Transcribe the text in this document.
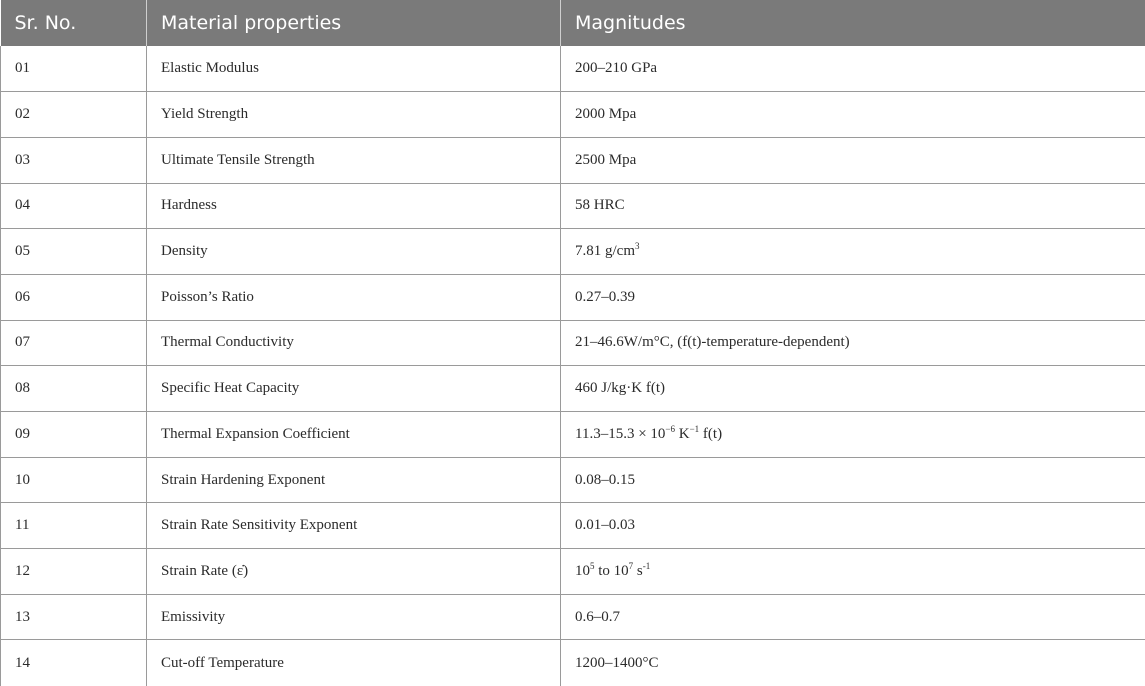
Sr. No.	Material properties	Magnitudes
01	Elastic Modulus	200–210 GPa
02	Yield Strength	2000 Mpa
03	Ultimate Tensile Strength	2500 Mpa
04	Hardness	58 HRC
05	Density	7.81 $g/cm^3$
06	Poisson’s Ratio	0.27–0.39
07	Thermal Conductivity	21–46.6W/m°C, (f(t)-temperature-dependent)
08	Specific Heat Capacity	460 J/kg·K f(t)
09	Thermal Expansion Coefficient	$11.3-15.3 \times 10^{-6}$ $K^{-1}$ f(t)
10	Strain Hardening Exponent	0.08–0.15
11	Strain Rate Sensitivity Exponent	0.01–0.03
12	Strain Rate (ε̇)	$10^5$ to $10^7$ $s^{-1}$
13	Emissivity	0.6–0.7
14	Cut-off Temperature	1200–1400°C
